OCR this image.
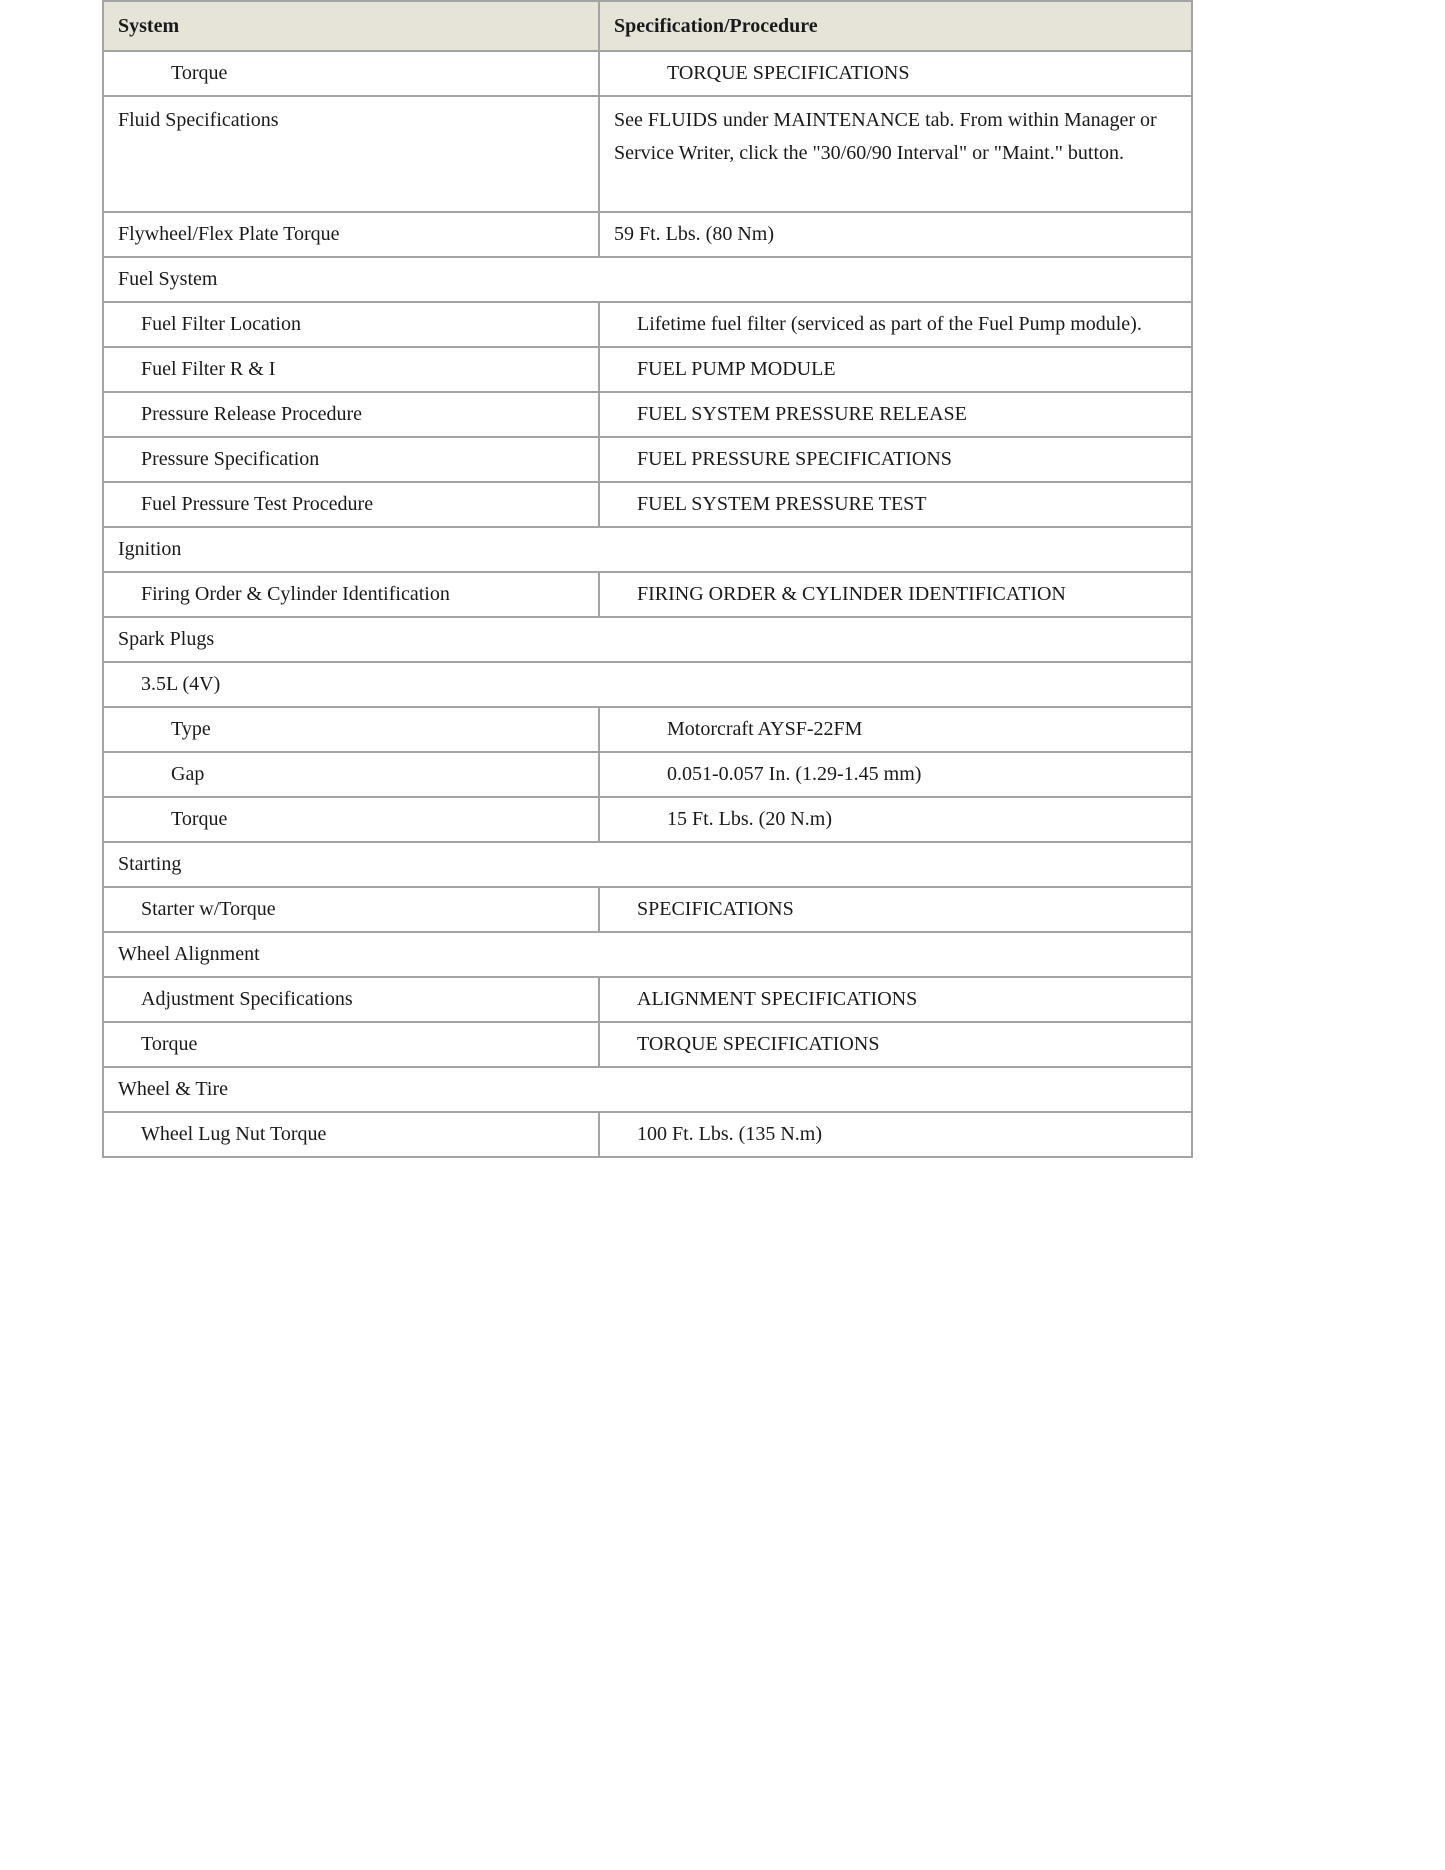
System	Specification/Procedure
Torque	TORQUE SPECIFICATIONS
Fluid Specifications	See FLUIDS under MAINTENANCE tab. From within Manager or Service Writer, click the "30/60/90 Interval" or "Maint." button.
Flywheel/Flex Plate Torque	59 Ft. Lbs. (80 Nm)
Fuel System	
Fuel Filter Location	Lifetime fuel filter (serviced as part of the Fuel Pump module).
Fuel Filter R & I	FUEL PUMP MODULE
Pressure Release Procedure	FUEL SYSTEM PRESSURE RELEASE
Pressure Specification	FUEL PRESSURE SPECIFICATIONS
Fuel Pressure Test Procedure	FUEL SYSTEM PRESSURE TEST
Ignition	
Firing Order & Cylinder Identification	FIRING ORDER & CYLINDER IDENTIFICATION
Spark Plugs	
3.5L (4V)	
Type	Motorcraft AYSF-22FM
Gap	0.051-0.057 In. (1.29-1.45 mm)
Torque	15 Ft. Lbs. (20 N.m)
Starting	
Starter w/Torque	SPECIFICATIONS
Wheel Alignment	
Adjustment Specifications	ALIGNMENT SPECIFICATIONS
Torque	TORQUE SPECIFICATIONS
Wheel & Tire	
Wheel Lug Nut Torque	100 Ft. Lbs. (135 N.m)
